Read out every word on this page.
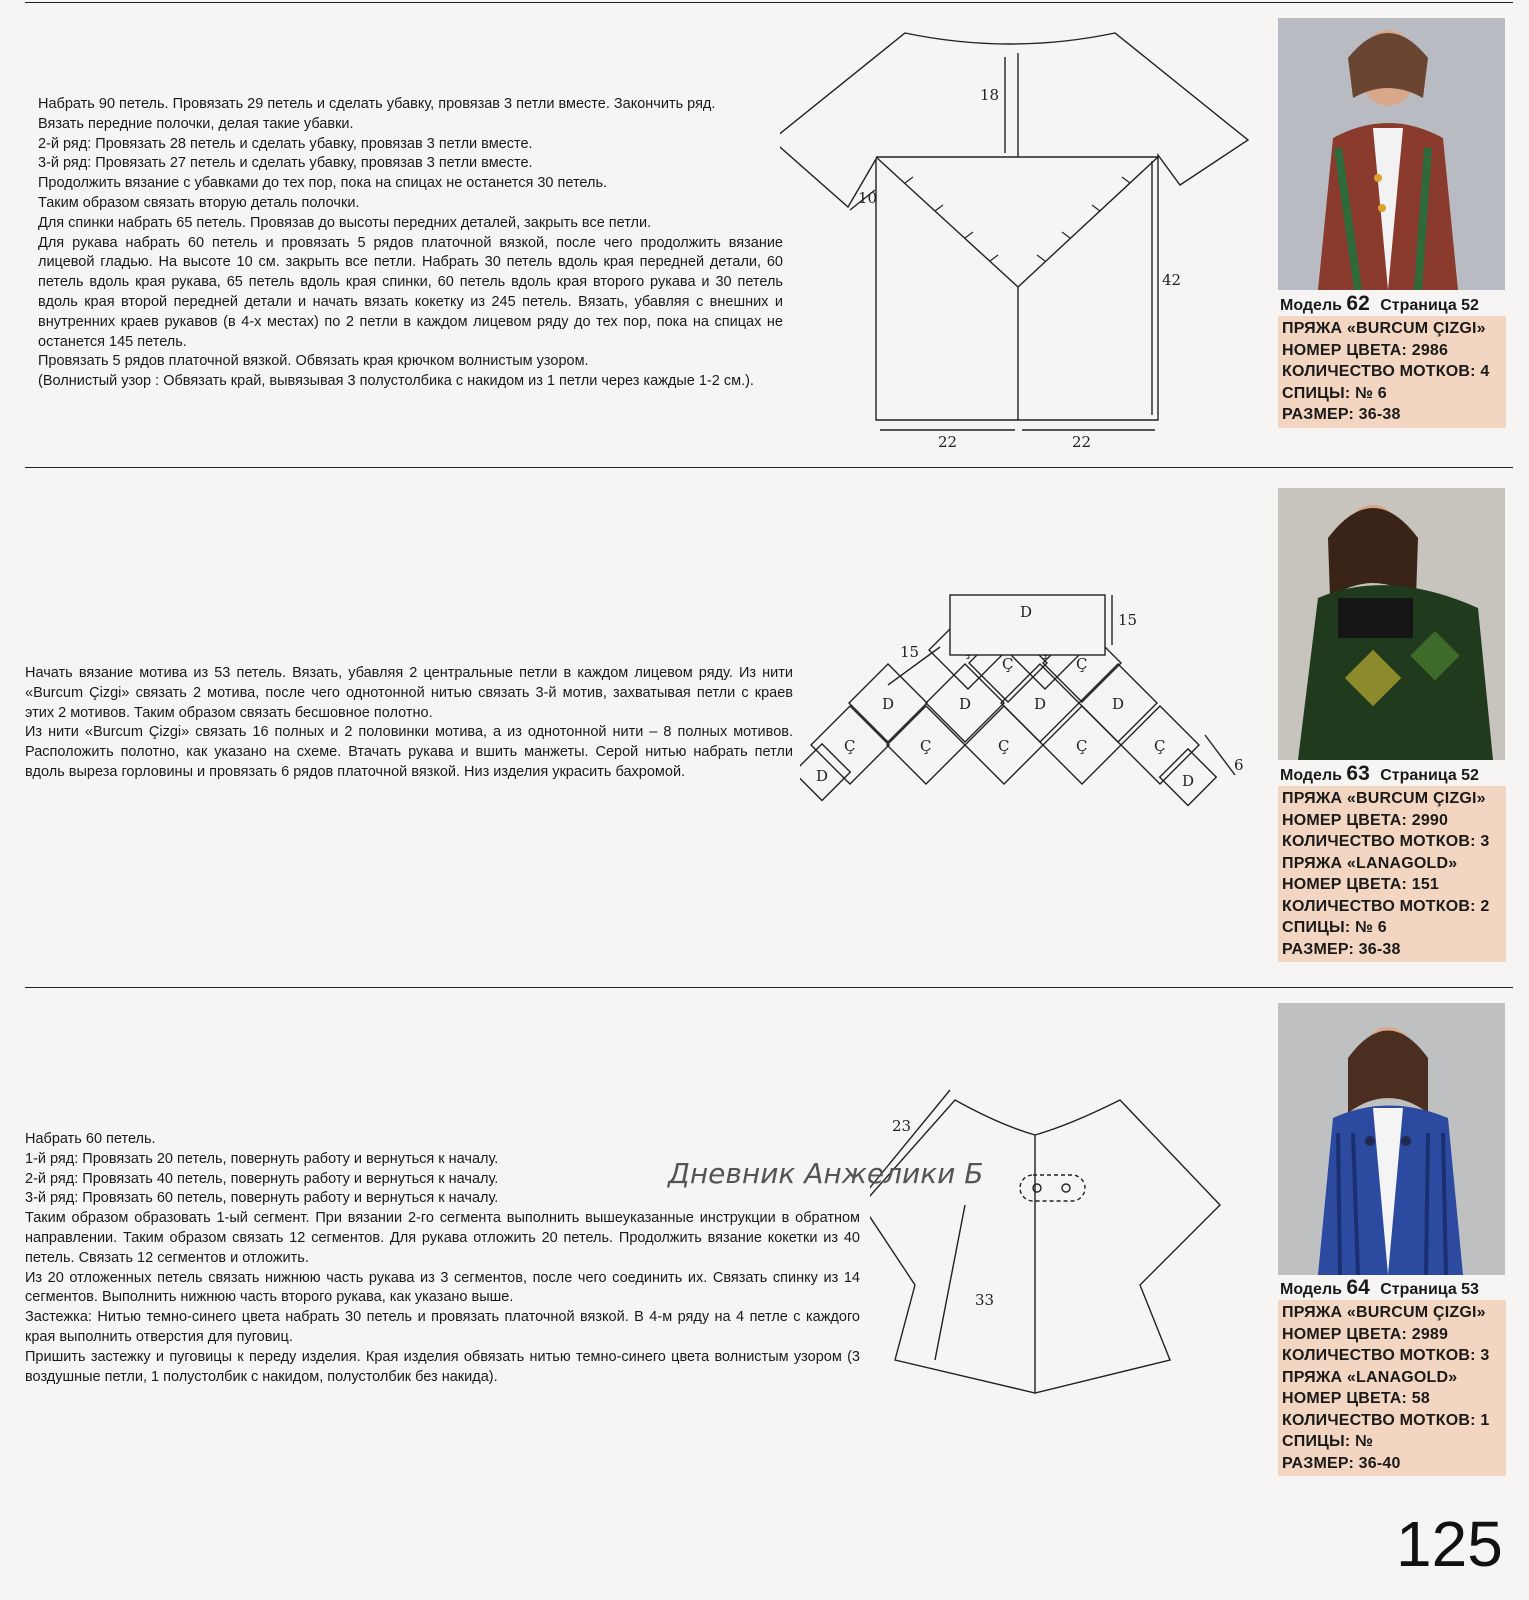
Набрать 90 петель. Провязать 29 петель и сделать убавку, провязав 3 петли вместе. Закончить ряд.

Вязать передние полочки, делая такие убавки.

2-й ряд: Провязать 28 петель и сделать убавку, провязав 3 петли вместе.

3-й ряд: Провязать 27 петель и сделать убавку, провязав 3 петли вместе.

Продолжить вязание с убавками до тех пор, пока на спицах не останется 30 петель.

Таким образом связать вторую деталь полочки.

Для спинки набрать 65 петель. Провязав до высоты передних деталей, закрыть все петли.

Для рукава набрать 60 петель и провязать 5 рядов платочной вязкой, после чего продолжить вязание лицевой гладью. На высоте 10 см. закрыть все петли. Набрать 30 петель вдоль края передней детали, 60 петель вдоль края рукава, 65 петель вдоль края спинки, 60 петель вдоль края второго рукава и 30 петель вдоль края второй передней детали и начать вязать кокетку из 245 петель. Вязать, убавляя с внешних и внутренних краев рукавов (в 4-х местах) по 2 петли в каждом лицевом ряду до тех пор, пока на спицах не останется 145 петель.

Провязать 5 рядов платочной вязкой. Обвязать края крючком волнистым узором.

(Волнистый узор : Обвязать край, вывязывая 3 полустолбика с накидом из 1 петли через каждые 1-2 см.).

18
10
42
22	22
Модель 62 Страница 52
ПРЯЖА «BURCUM ÇIZGI»
НОМЕР ЦВЕТА: 2986
КОЛИЧЕСТВО МОТКОВ: 4
СПИЦЫ: № 6
РАЗМЕР: 36-38

Начать вязание мотива из 53 петель. Вязать, убавляя 2 центральные петли в каждом лицевом ряду. Из нити «Burcum Çizgi» связать 2 мотива, после чего однотонной нитью связать 3-й мотив, захватывая петли с краев этих 2 мотивов. Таким образом связать бесшовное полотно.

Из нити «Burcum Çizgi» связать 16 полных и 2 половинки мотива, а из однотонной нити – 8 полных мотивов. Расположить полотно, как указано на схеме. Втачать рукава и вшить манжеты. Серой нитью набрать петли вдоль выреза горловины и провязать 6 рядов платочной вязкой. Низ изделия украсить бахромой.

Ç	Ç
D	D	D	D
Ç	Ç	Ç	Ç	Ç
D	D
D	15
15
6
Модель 63 Страница 52
ПРЯЖА «BURCUM ÇIZGI»
НОМЕР ЦВЕТА: 2990
КОЛИЧЕСТВО МОТКОВ: 3
ПРЯЖА «LANAGOLD»
НОМЕР ЦВЕТА: 151
КОЛИЧЕСТВО МОТКОВ: 2
СПИЦЫ: № 6
РАЗМЕР: 36-38

Набрать 60 петель.

1-й ряд: Провязать 20 петель, повернуть работу и вернуться к началу.

2-й ряд: Провязать 40 петель, повернуть работу и вернуться к началу.

3-й ряд: Провязать 60 петель, повернуть работу и вернуться к началу.

Таким образом образовать 1-ый сегмент. При вязании 2-го сегмента выполнить вышеуказанные инструкции в обратном направлении. Таким образом связать 12 сегментов. Для рукава отложить 20 петель. Продолжить вязание кокетки из 40 петель. Связать 12 сегментов и отложить.

Из 20 отложенных петель связать нижнюю часть рукава из 3 сегментов, после чего соединить их. Связать спинку из 14 сегментов. Выполнить нижнюю часть второго рукава, как указано выше.

Застежка: Нитью темно-синего цвета набрать 30 петель и провязать платочной вязкой. В 4-м ряду на 4 петле с каждого края выполнить отверстия для пуговиц.

Пришить застежку и пуговицы к переду изделия. Края изделия обвязать нитью темно-синего цвета волнистым узором (3 воздушные петли, 1 полустолбик с накидом, полустолбик без накида).

23
33
Дневник Анжелики Б
Модель 64 Страница 53
ПРЯЖА «BURCUM ÇIZGI»
НОМЕР ЦВЕТА: 2989
КОЛИЧЕСТВО МОТКОВ: 3
ПРЯЖА «LANAGOLD»
НОМЕР ЦВЕТА: 58
КОЛИЧЕСТВО МОТКОВ: 1
СПИЦЫ: №
РАЗМЕР: 36-40
125
